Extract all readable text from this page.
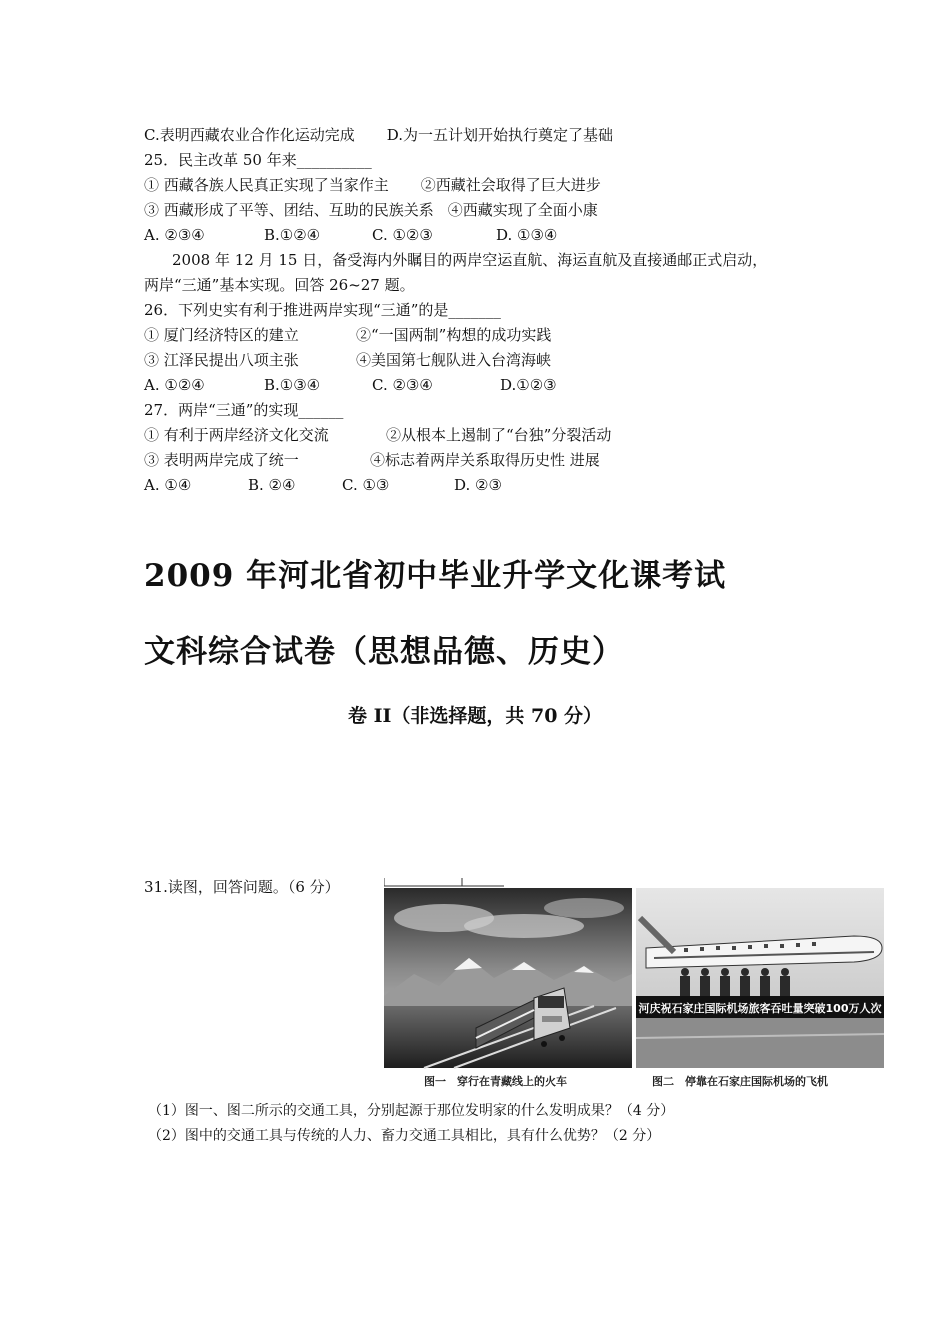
C.表明西藏农业合作化运动完成 D.为一五计划开始执行奠定了基础
25．民主改革 50 年来__________
① 西藏各族人民真正实现了当家作主 ②西藏社会取得了巨大进步
③ 西藏形成了平等、团结、互助的民族关系 ④西藏实现了全面小康
A. ②③④	B.①②④	C. ①②③	D. ①③④
2008 年 12 月 15 日，备受海内外瞩目的两岸空运直航、海运直航及直接通邮正式启动，
两岸“三通”基本实现。回答 26~27 题。
26．下列史实有利于推进两岸实现“三通”的是_______
① 厦门经济特区的建立	②“一国两制”构想的成功实践
③ 江泽民提出八项主张	④美国第七舰队进入台湾海峡
A. ①②④	B.①③④	C. ②③④	D.①②③
27．两岸“三通”的实现______
① 有利于两岸经济文化交流	②从根本上遏制了“台独”分裂活动
③ 表明两岸完成了统一	④标志着两岸关系取得历史性 进展
A. ①④	B. ②④	C. ①③	D. ②③
2009 年河北省初中毕业升学文化课考试
文科综合试卷（思想品德、历史）
卷 II（非选择题，共 70 分）
31.读图，回答问题。（6 分）
河庆祝石家庄国际机场旅客吞吐量突破100万人次
图一　穿行在青藏线上的火车	图二　停靠在石家庄国际机场的飞机
（1）图一、图二所示的交通工具，分别起源于那位发明家的什么发明成果？（4 分）
（2）图中的交通工具与传统的人力、畜力交通工具相比，具有什么优势？（2 分）
